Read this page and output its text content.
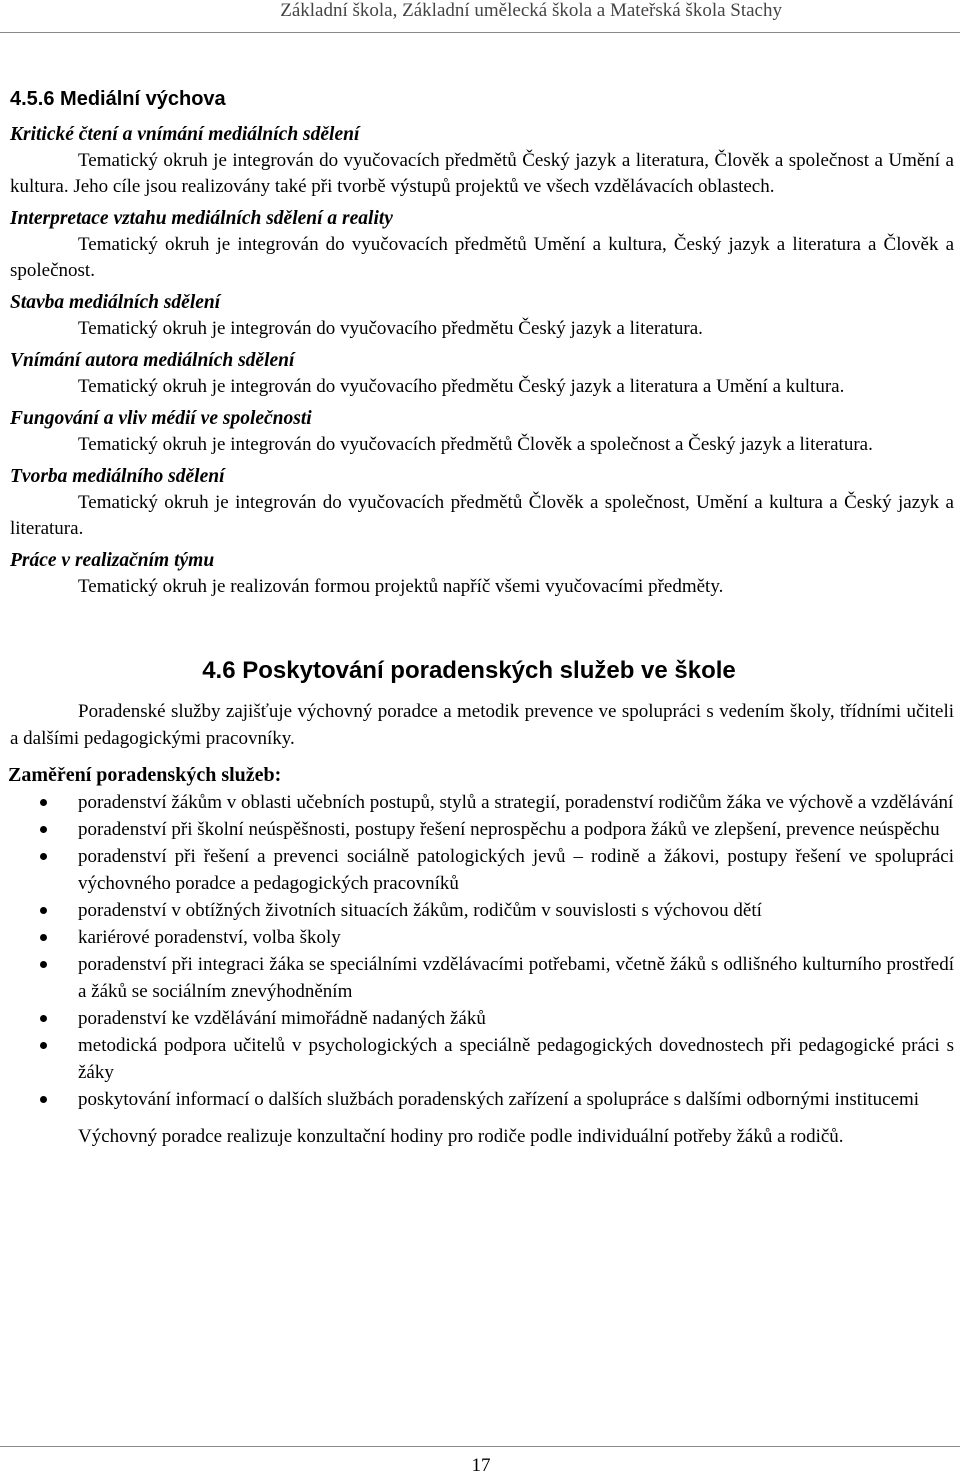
Základní škola, Základní umělecká škola a Mateřská škola Stachy
4.5.6 Mediální výchova
Kritické čtení a vnímání mediálních sdělení

Tematický okruh je integrován do vyučovacích předmětů Český jazyk a literatura, Člověk a společnost a Umění a kultura. Jeho cíle jsou realizovány také při tvorbě výstupů projektů ve všech vzdělávacích oblastech.

Interpretace vztahu mediálních sdělení a reality

Tematický okruh je integrován do vyučovacích předmětů Umění a kultura, Český jazyk a literatura a Člověk a společnost.

Stavba mediálních sdělení

Tematický okruh je integrován do vyučovacího předmětu Český jazyk a literatura.

Vnímání autora mediálních sdělení

Tematický okruh je integrován do vyučovacího předmětu Český jazyk a literatura a Umění a kultura.

Fungování a vliv médií ve společnosti

Tematický okruh je integrován do vyučovacích předmětů Člověk a společnost a Český jazyk a literatura.

Tvorba mediálního sdělení

Tematický okruh je integrován do vyučovacích předmětů Člověk a společnost, Umění a kultura a Český jazyk a literatura.

Práce v realizačním týmu

Tematický okruh je realizován formou projektů napříč všemi vyučovacími předměty.

4.6 Poskytování poradenských služeb ve škole

Poradenské služby zajišťuje výchovný poradce a metodik prevence ve spolupráci s vedením školy, třídními učiteli a dalšími pedagogickými pracovníky.

Zaměření poradenských služeb:
poradenství žákům v oblasti učebních postupů, stylů a strategií, poradenství rodičům žáka ve výchově a vzdělávání
poradenství při školní neúspěšnosti, postupy řešení neprospěchu a podpora žáků ve zlepšení, prevence neúspěchu
poradenství při řešení a prevenci sociálně patologických jevů – rodině a žákovi, postupy řešení ve spolupráci výchovného poradce a pedagogických pracovníků
poradenství v obtížných životních situacích žákům, rodičům v souvislosti s výchovou dětí
kariérové poradenství, volba školy
poradenství při integraci žáka se speciálními vzdělávacími potřebami, včetně žáků s odlišného kulturního prostředí a žáků se sociálním znevýhodněním
poradenství ke vzdělávání mimořádně nadaných žáků
metodická podpora učitelů v psychologických a speciálně pedagogických dovednostech při pedagogické práci s žáky
poskytování informací o dalších službách poradenských zařízení a spolupráce s dalšími odbornými institucemi

Výchovný poradce realizuje konzultační hodiny pro rodiče podle individuální potřeby žáků a rodičů.

17
